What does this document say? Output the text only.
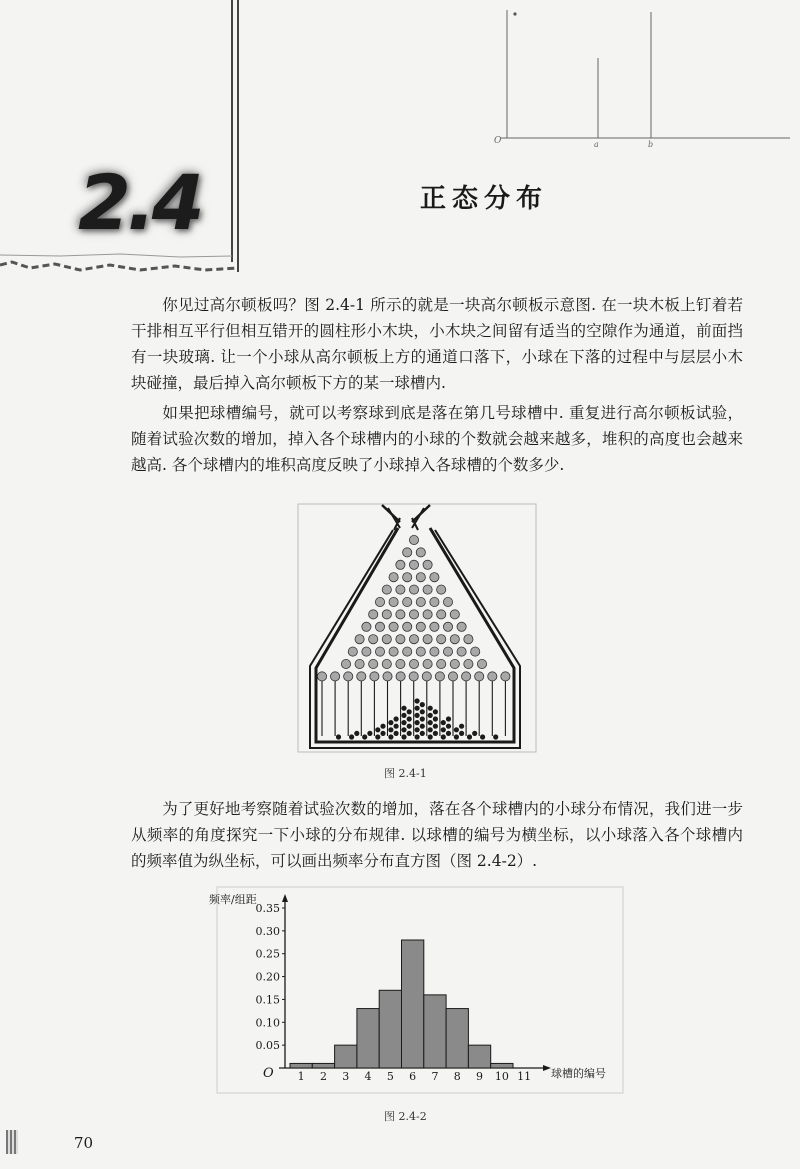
O	a	b
2.4	正态分布

你见过高尔顿板吗？图 2.4-1 所示的就是一块高尔顿板示意图. 在一块木板上钉着若干排相互平行但相互错开的圆柱形小木块，小木块之间留有适当的空隙作为通道，前面挡有一块玻璃. 让一个小球从高尔顿板上方的通道口落下，小球在下落的过程中与层层小木块碰撞，最后掉入高尔顿板下方的某一球槽内.

如果把球槽编号，就可以考察球到底是落在第几号球槽中. 重复进行高尔顿板试验，随着试验次数的增加，掉入各个球槽内的小球的个数就会越来越多，堆积的高度也会越来越高. 各个球槽内的堆积高度反映了小球掉入各球槽的个数多少.

图 2.4-1

为了更好地考察随着试验次数的增加，落在各个球槽内的小球分布情况，我们进一步从频率的角度探究一下小球的分布规律. 以球槽的编号为横坐标，以小球落入各个球槽内的频率值为纵坐标，可以画出频率分布直方图（图 2.4-2）.

频率/组距
球槽的编号
O
0.05
0.10
0.15
0.20
0.25
0.30
0.35
1 2 3 4 5 6 7 8 9 10 11
图 2.4-2
70
